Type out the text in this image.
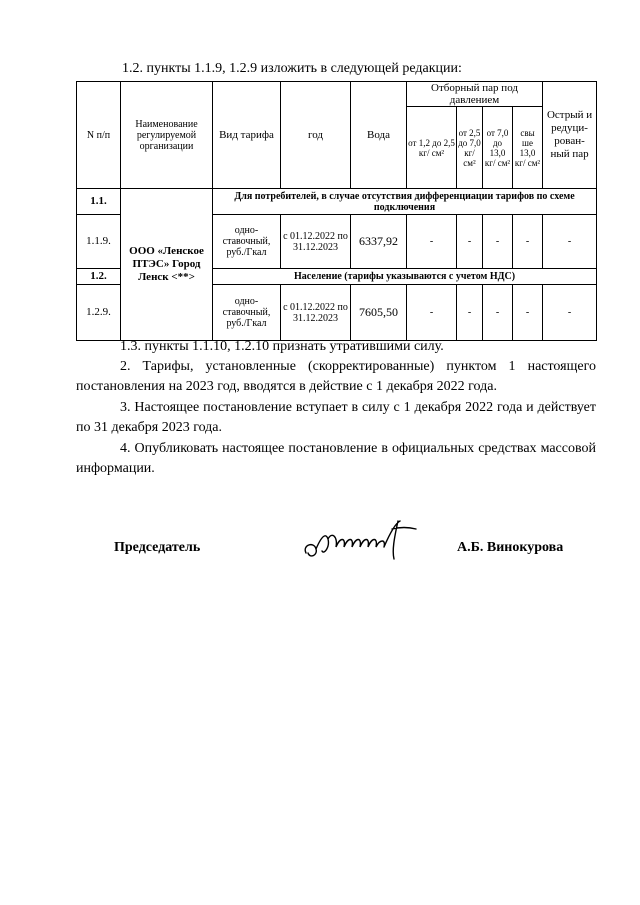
1.2. пункты 1.1.9, 1.2.9 изложить в следующей редакции:
N п/п	Наименование регулируемой организации	Вид тарифа	год	Вода	Отборный пар под давлением				Острый и редуци- рован- ный пар
					от 1,2 до 2,5 кг/ см²	от 2,5 до 7,0 кг/ см²	от 7,0 до 13,0 кг/ см²	свы ше 13,0 кг/ см²	
1.1.	ООО «Ленское ПТЭС» Город Ленск <**>	Для потребителей, в случае отсутствия дифференциации тарифов по схеме подключения							
1.1.9.		одно- ставочный, руб./Гкал	с 01.12.2022 по 31.12.2023	6337,92	-	-	-	-	-
1.2.		Население (тарифы указываются с учетом НДС)							
1.2.9.		одно- ставочный, руб./Гкал	с 01.12.2022 по 31.12.2023	7605,50	-	-	-	-	-
1.3. пункты 1.1.10, 1.2.10 признать утратившими силу.
2. Тарифы, установленные (скорректированные) пунктом 1 настоящего постановления на 2023 год, вводятся в действие с 1 декабря 2022 года.
3. Настоящее постановление вступает в силу с 1 декабря 2022 года и действует по 31 декабря 2023 года.
4. Опубликовать настоящее постановление в официальных средствах массовой информации.
Председатель	А.Б. Винокурова
